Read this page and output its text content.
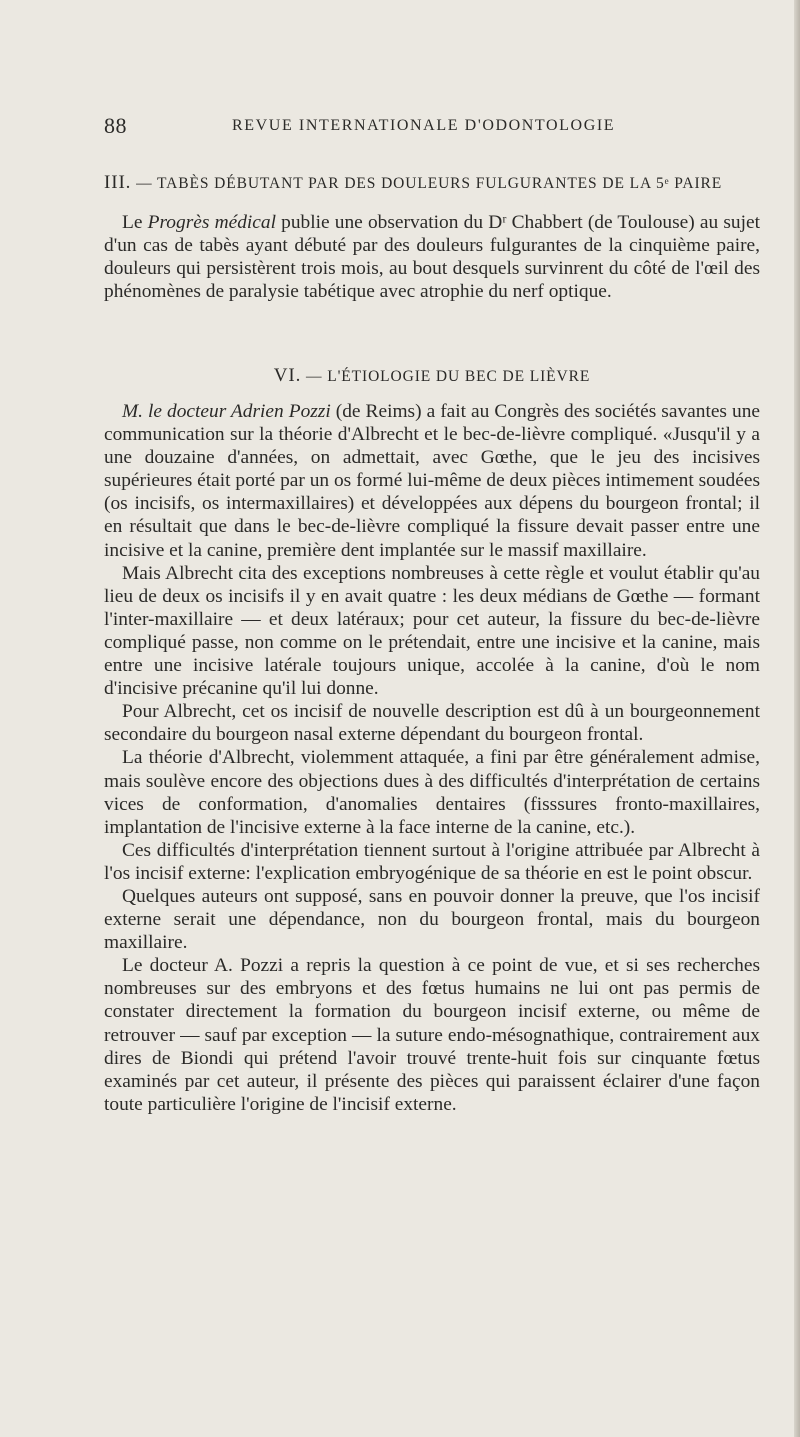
88	REVUE INTERNATIONALE D'ODONTOLOGIE
III. — TABÈS DÉBUTANT PAR DES DOULEURS FULGURANTES DE LA 5ᵉ PAIRE

Le Progrès médical publie une observation du Dʳ Chabbert (de Toulouse) au sujet d'un cas de tabès ayant débuté par des douleurs fulgurantes de la cinquième paire, douleurs qui persistèrent trois mois, au bout desquels survinrent du côté de l'œil des phénomènes de paralysie tabétique avec atrophie du nerf optique.

VI. — L'ÉTIOLOGIE DU BEC DE LIÈVRE

M. le docteur Adrien Pozzi (de Reims) a fait au Congrès des sociétés savantes une communication sur la théorie d'Albrecht et le bec-de-lièvre compliqué. «Jusqu'il y a une douzaine d'années, on admettait, avec Gœthe, que le jeu des incisives supérieures était porté par un os formé lui-même de deux pièces intimement soudées (os incisifs, os intermaxillaires) et développées aux dépens du bourgeon frontal; il en résultait que dans le bec-de-lièvre compliqué la fissure devait passer entre une incisive et la canine, première dent implantée sur le massif maxillaire.

Mais Albrecht cita des exceptions nombreuses à cette règle et voulut établir qu'au lieu de deux os incisifs il y en avait quatre : les deux médians de Gœthe — formant l'inter-maxillaire — et deux latéraux; pour cet auteur, la fissure du bec-de-lièvre compliqué passe, non comme on le prétendait, entre une incisive et la canine, mais entre une incisive latérale toujours unique, accolée à la canine, d'où le nom d'incisive précanine qu'il lui donne.

Pour Albrecht, cet os incisif de nouvelle description est dû à un bourgeonnement secondaire du bourgeon nasal externe dépendant du bourgeon frontal.

La théorie d'Albrecht, violemment attaquée, a fini par être généralement admise, mais soulève encore des objections dues à des difficultés d'interprétation de certains vices de conformation, d'anomalies dentaires (fisssures fronto-maxillaires, implantation de l'incisive externe à la face interne de la canine, etc.).

Ces difficultés d'interprétation tiennent surtout à l'origine attribuée par Albrecht à l'os incisif externe: l'explication embryogénique de sa théorie en est le point obscur.

Quelques auteurs ont supposé, sans en pouvoir donner la preuve, que l'os incisif externe serait une dépendance, non du bourgeon frontal, mais du bourgeon maxillaire.

Le docteur A. Pozzi a repris la question à ce point de vue, et si ses recherches nombreuses sur des embryons et des fœtus humains ne lui ont pas permis de constater directement la formation du bourgeon incisif externe, ou même de retrouver — sauf par exception — la suture endo-mésognathique, contrairement aux dires de Biondi qui prétend l'avoir trouvé trente-huit fois sur cinquante fœtus examinés par cet auteur, il présente des pièces qui paraissent éclairer d'une façon toute particulière l'origine de l'incisif externe.
